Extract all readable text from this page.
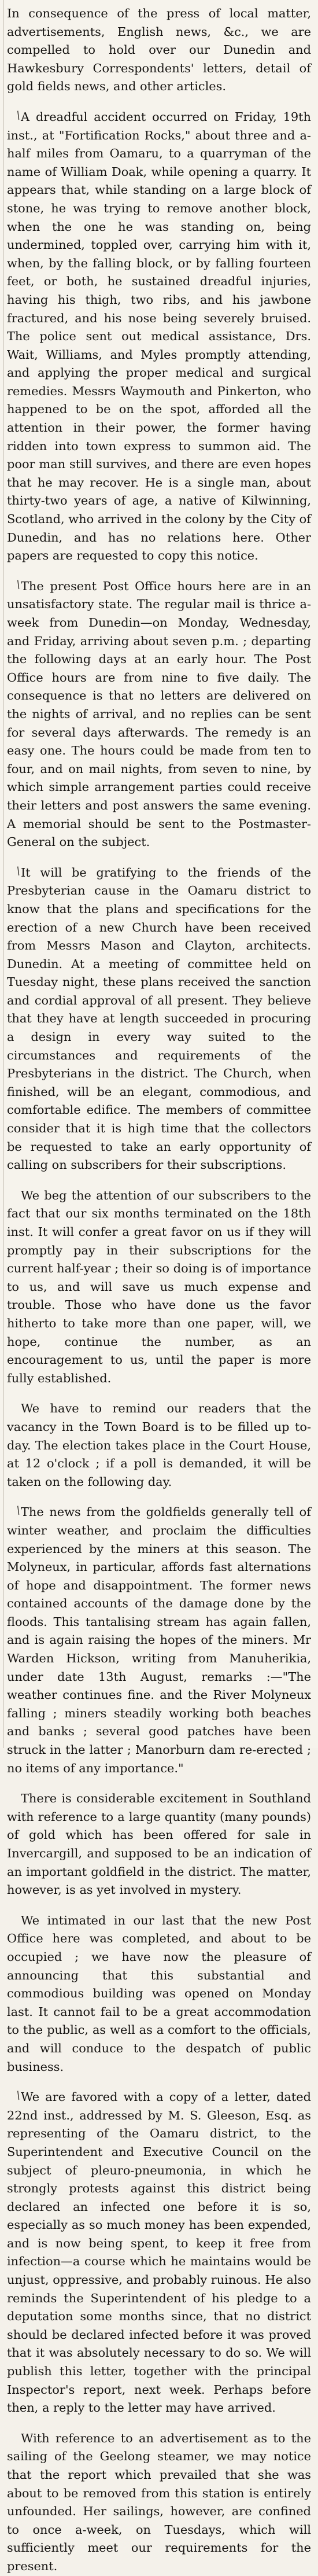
In consequence of the press of local matter, advertisements, English news, &c., we are compelled to hold over our Dunedin and Hawkesbury Correspondents' letters, detail of gold fields news, and other articles.

/
A dreadful accident occurred on Friday, 19th inst., at "Fortification Rocks," about three and a-half miles from Oamaru, to a quarryman of the name of William Doak, while opening a quarry. It appears that, while standing on a large block of stone, he was trying to remove another block, when the one he was standing on, being undermined, toppled over, carrying him with it, when, by the falling block, or by falling fourteen feet, or both, he sustained dreadful injuries, having his thigh, two ribs, and his jawbone fractured, and his nose being severely bruised. The police sent out medical assistance, Drs. Wait, Williams, and Myles promptly attending, and applying the proper medical and surgical remedies. Messrs Waymouth and Pinkerton, who happened to be on the spot, afforded all the attention in their power, the former having ridden into town express to summon aid. The poor man still survives, and there are even hopes that he may recover. He is a single man, about thirty-two years of age, a native of Kilwinning, Scotland, who arrived in the colony by the City of Dunedin, and has no relations here. Other papers are requested to copy this notice.

/
The present Post Office hours here are in an unsatisfactory state. The regular mail is thrice a-week from Dunedin—on Monday, Wednesday, and Friday, arriving about seven p.m. ; departing the following days at an early hour. The Post Office hours are from nine to five daily. The consequence is that no letters are delivered on the nights of arrival, and no replies can be sent for several days afterwards. The remedy is an easy one. The hours could be made from ten to four, and on mail nights, from seven to nine, by which simple arrangement parties could receive their letters and post answers the same evening. A memorial should be sent to the Postmaster-General on the subject.

/
It will be gratifying to the friends of the Presbyterian cause in the Oamaru district to know that the plans and specifications for the erection of a new Church have been received from Messrs Mason and Clayton, architects. Dunedin. At a meeting of committee held on Tuesday night, these plans received the sanction and cordial approval of all present. They believe that they have at length succeeded in procuring a design in every way suited to the circumstances and requirements of the Presbyterians in the district. The Church, when finished, will be an elegant, commodious, and comfortable edifice. The members of committee consider that it is high time that the collectors be requested to take an early opportunity of calling on subscribers for their subscriptions.

We beg the attention of our subscribers to the fact that our six months terminated on the 18th inst. It will confer a great favor on us if they will promptly pay in their subscriptions for the current half-year ; their so doing is of importance to us, and will save us much expense and trouble. Those who have done us the favor hitherto to take more than one paper, will, we hope, continue the number, as an encouragement to us, until the paper is more fully established.

We have to remind our readers that the vacancy in the Town Board is to be filled up to-day. The election takes place in the Court House, at 12 o'clock ; if a poll is demanded, it will be taken on the following day.

/
The news from the goldfields generally tell of winter weather, and proclaim the difficulties experienced by the miners at this season. The Molyneux, in particular, affords fast alternations of hope and disappointment. The former news contained accounts of the damage done by the floods. This tantalising stream has again fallen, and is again raising the hopes of the miners. Mr Warden Hickson, writing from Manuherikia, under date 13th August, remarks :—"The weather continues fine. and the River Molyneux falling ; miners steadily working both beaches and banks ; several good patches have been struck in the latter ; Manorburn dam re-erected ; no items of any importance."

There is considerable excitement in Southland with reference to a large quantity (many pounds) of gold which has been offered for sale in Invercargill, and supposed to be an indication of an important goldfield in the district. The matter, however, is as yet involved in mystery.

We intimated in our last that the new Post Office here was completed, and about to be occupied ; we have now the pleasure of announcing that this substantial and commodious building was opened on Monday last. It cannot fail to be a great accommodation to the public, as well as a comfort to the officials, and will conduce to the despatch of public business.

/
We are favored with a copy of a letter, dated 22nd inst., addressed by M. S. Gleeson, Esq. as representing of the Oamaru district, to the Superintendent and Executive Council on the subject of pleuro-pneumonia, in which he strongly protests against this district being declared an infected one before it is so, especially as so much money has been expended, and is now being spent, to keep it free from infection—a course which he maintains would be unjust, oppressive, and probably ruinous. He also reminds the Superintendent of his pledge to a deputation some months since, that no district should be declared infected before it was proved that it was absolutely necessary to do so. We will publish this letter, together with the principal Inspector's report, next week. Perhaps before then, a reply to the letter may have arrived.

With reference to an advertisement as to the sailing of the Geelong steamer, we may notice that the report which prevailed that she was about to be removed from this station is entirely unfounded. Her sailings, however, are confined to once a-week, on Tuesdays, which will sufficiently meet our requirements for the present.
